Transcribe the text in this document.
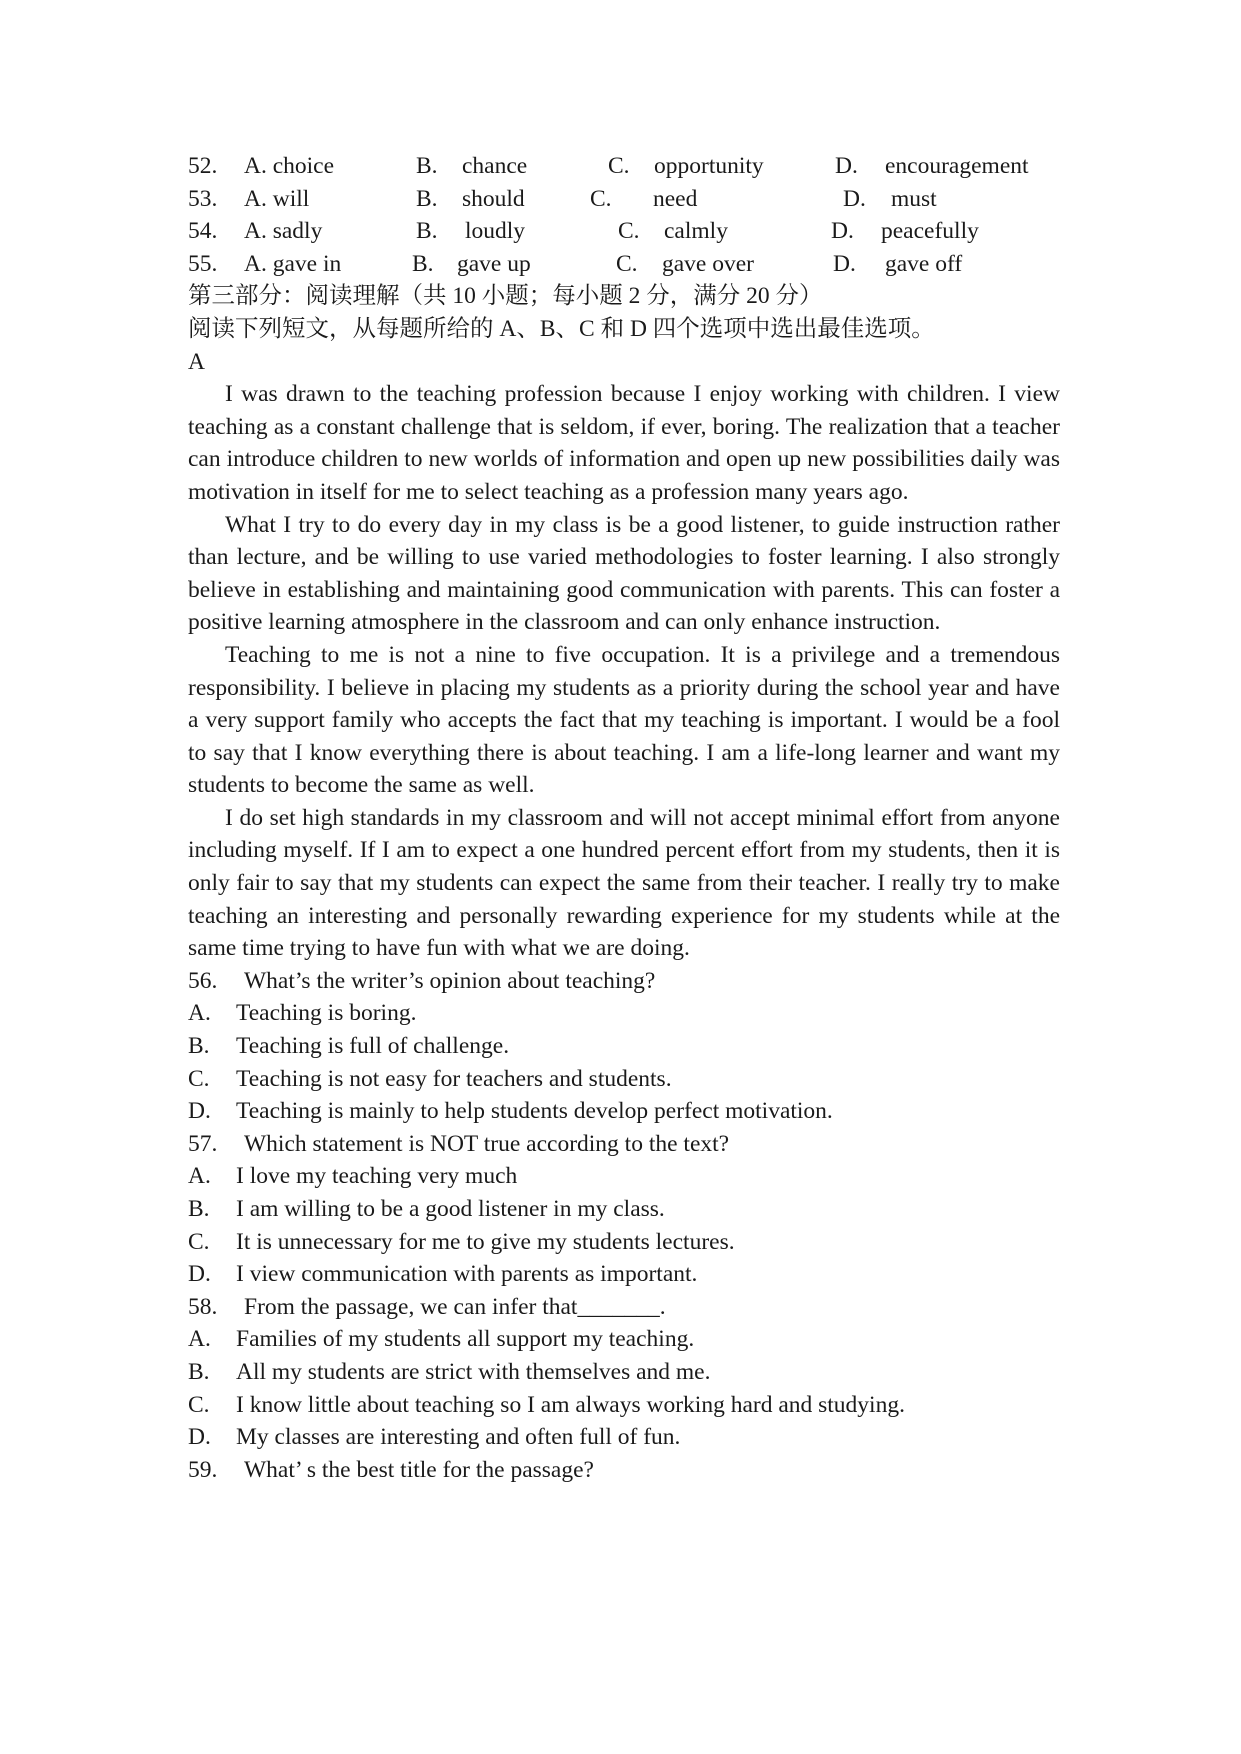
52. A. choice	B. chance	C. opportunity	D. encouragement
53. A. will	B. should	C. need	D. must
54. A. sadly	B. loudly	C. calmly	D. peacefully
55. A. gave in	B. gave up	C. gave over	D. gave off
第三部分：阅读理解（共 10 小题；每小题 2 分，满分 20 分）
阅读下列短文，从每题所给的 A、B、C 和 D 四个选项中选出最佳选项。
A

I was drawn to the teaching profession because I enjoy working with children. I view teaching as a constant challenge that is seldom, if ever, boring. The realization that a teacher can introduce children to new worlds of information and open up new possibilities daily was motivation in itself for me to select teaching as a profession many years ago.

What I try to do every day in my class is be a good listener, to guide instruction rather than lecture, and be willing to use varied methodologies to foster learning. I also strongly believe in establishing and maintaining good communication with parents. This can foster a positive learning atmosphere in the classroom and can only enhance instruction.

Teaching to me is not a nine to five occupation. It is a privilege and a tremendous responsibility. I believe in placing my students as a priority during the school year and have a very support family who accepts the fact that my teaching is important. I would be a fool to say that I know everything there is about teaching. I am a life-long learner and want my students to become the same as well.

I do set high standards in my classroom and will not accept minimal effort from anyone including myself. If I am to expect a one hundred percent effort from my students, then it is only fair to say that my students can expect the same from their teacher. I really try to make teaching an interesting and personally rewarding experience for my students while at the same time trying to have fun with what we are doing.

56. What’s the writer’s opinion about teaching?
A. Teaching is boring.
B. Teaching is full of challenge.
C. Teaching is not easy for teachers and students.
D. Teaching is mainly to help students develop perfect motivation.
57. Which statement is NOT true according to the text?
A. I love my teaching very much
B. I am willing to be a good listener in my class.
C. It is unnecessary for me to give my students lectures.
D. I view communication with parents as important.
58. From the passage, we can infer that_______.
A. Families of my students all support my teaching.
B. All my students are strict with themselves and me.
C. I know little about teaching so I am always working hard and studying.
D. My classes are interesting and often full of fun.
59. What’ s the best title for the passage?
